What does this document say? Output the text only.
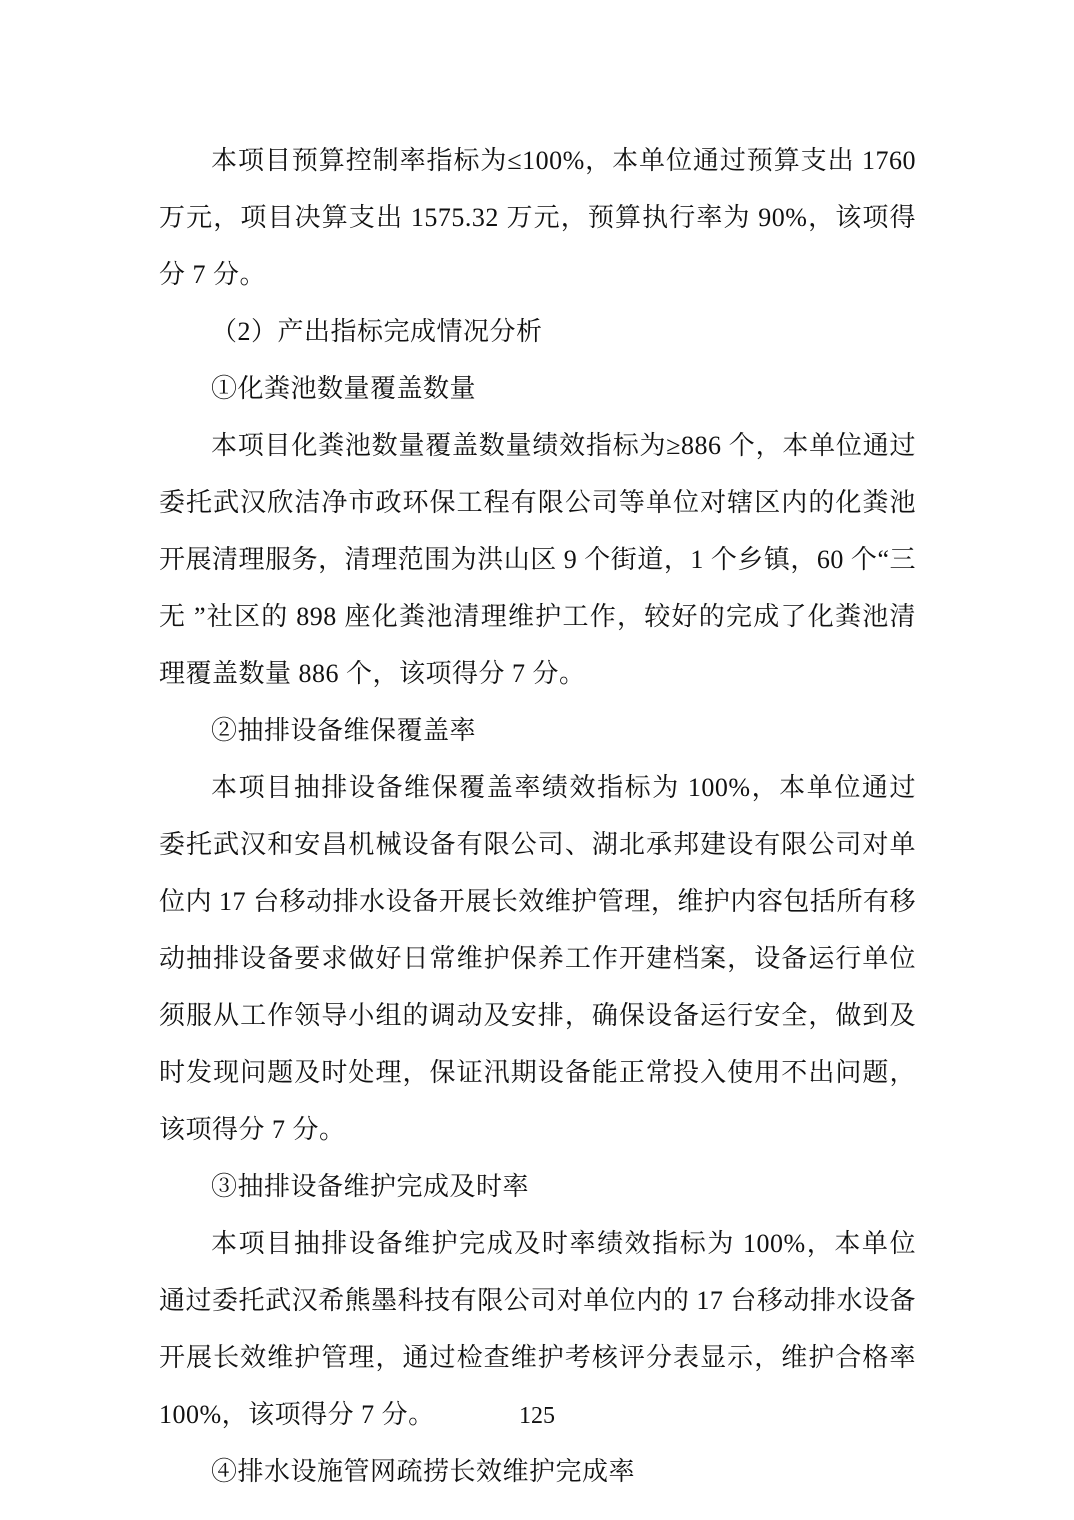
本项目预算控制率指标为≤100%，本单位通过预算支出 1760 万元，项目决算支出 1575.32 万元，预算执行率为 90%，该项得分 7 分。

（2）产出指标完成情况分析

①化粪池数量覆盖数量

本项目化粪池数量覆盖数量绩效指标为≥886 个，本单位通过委托武汉欣洁净市政环保工程有限公司等单位对辖区内的化粪池开展清理服务，清理范围为洪山区 9 个街道，1 个乡镇，60 个“三无 ”社区的 898 座化粪池清理维护工作，较好的完成了化粪池清理覆盖数量 886 个，该项得分 7 分。

②抽排设备维保覆盖率

本项目抽排设备维保覆盖率绩效指标为 100%，本单位通过委托武汉和安昌机械设备有限公司、湖北承邦建设有限公司对单位内 17 台移动排水设备开展长效维护管理，维护内容包括所有移动抽排设备要求做好日常维护保养工作开建档案，设备运行单位须服从工作领导小组的调动及安排，确保设备运行安全，做到及时发现问题及时处理，保证汛期设备能正常投入使用不出问题，该项得分 7 分。

③抽排设备维护完成及时率

本项目抽排设备维护完成及时率绩效指标为 100%，本单位通过委托武汉希熊墨科技有限公司对单位内的 17 台移动排水设备开展长效维护管理，通过检查维护考核评分表显示，维护合格率 100%，该项得分 7 分。

④排水设施管网疏捞长效维护完成率

125
